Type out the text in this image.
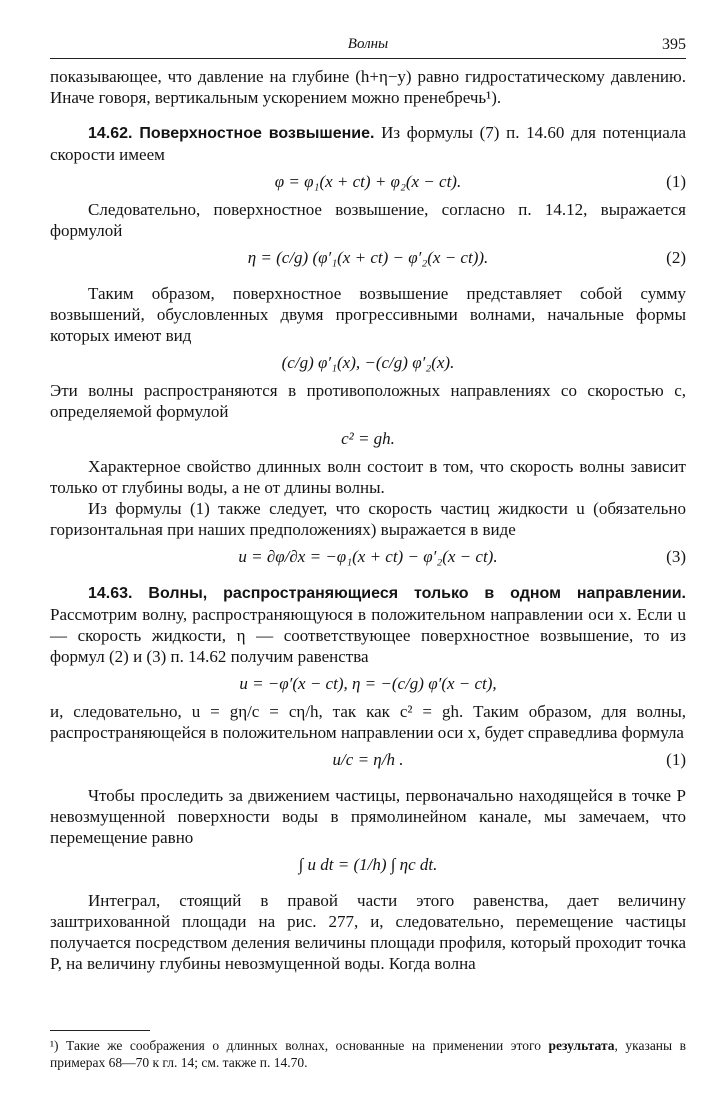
Волны	395

показывающее, что давление на глубине (h+η−y) равно гидростатическому давлению. Иначе говоря, вертикальным ускорением можно пренебречь¹).

14.62. Поверхностное возвышение. Из формулы (7) п. 14.60 для потенциала скорости имеем

φ = φ₁(x + ct) + φ₂(x − ct).	(1)

Следовательно, поверхностное возвышение, согласно п. 14.12, выражается формулой

η = (c/g) (φ′₁(x + ct) − φ′₂(x − ct)).	(2)

Таким образом, поверхностное возвышение представляет собой сумму возвышений, обусловленных двумя прогрессивными волнами, начальные формы которых имеют вид

(c/g) φ′₁(x), −(c/g) φ′₂(x).

Эти волны распространяются в противоположных направлениях со скоростью c, определяемой формулой

c² = gh.

Характерное свойство длинных волн состоит в том, что скорость волны зависит только от глубины воды, а не от длины волны.

Из формулы (1) также следует, что скорость частиц жидкости u (обязательно горизонтальная при наших предположениях) выражается в виде

u = ∂φ/∂x = −φ₁(x + ct) − φ′₂(x − ct).	(3)

14.63. Волны, распространяющиеся только в одном направлении. Рассмотрим волну, распространяющуюся в положительном направлении оси x. Если u — скорость жидкости, η — соответствующее поверхностное возвышение, то из формул (2) и (3) п. 14.62 получим равенства

u = −φ′(x − ct), η = −(c/g) φ′(x − ct),

и, следовательно, u = gη/c = cη/h, так как c² = gh. Таким образом, для волны, распространяющейся в положительном направлении оси x, будет справедлива формула

u/c = η/h .	(1)

Чтобы проследить за движением частицы, первоначально находящейся в точке P невозмущенной поверхности воды в прямолинейном канале, мы замечаем, что перемещение равно

∫ u dt = (1/h) ∫ ηc dt.

Интеграл, стоящий в правой части этого равенства, дает величину заштрихованной площади на рис. 277, и, следовательно, перемещение частицы получается посредством деления величины площади профиля, который проходит точка P, на величину глубины невозмущенной воды. Когда волна

¹) Такие же соображения о длинных волнах, основанные на применении этого результата, указаны в примерах 68—70 к гл. 14; см. также п. 14.70.
